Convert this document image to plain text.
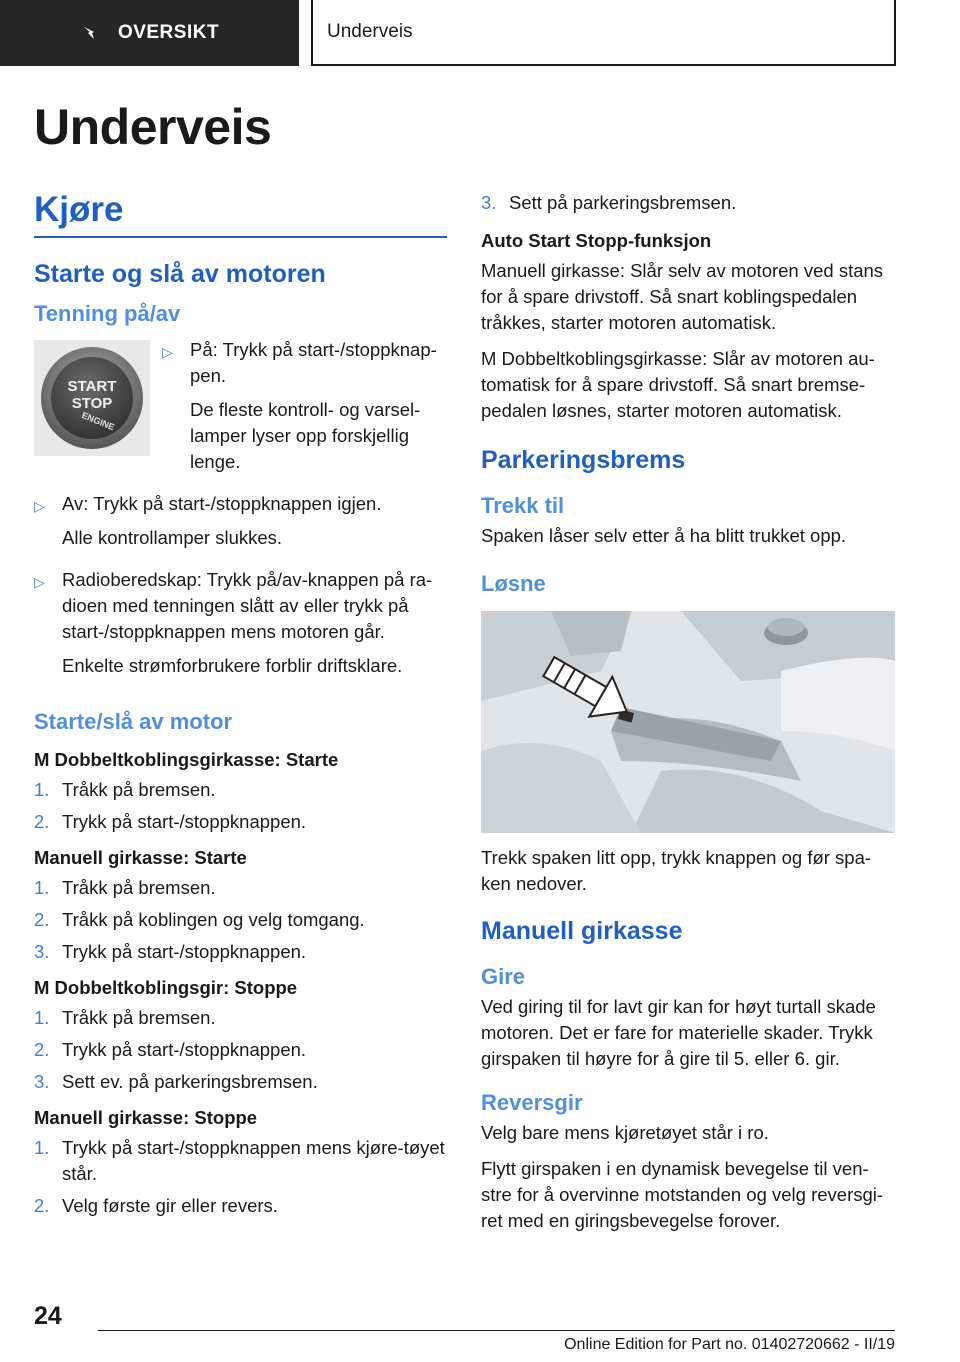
OVERSIKT	Underveis
Underveis
Kjøre
Starte og slå av motoren
Tenning på/av
START
STOP
ENGINE
▷ På: Trykk på start-/stoppknap-pen.

De fleste kontroll- og varsel-lamper lyser opp forskjellig lenge.

▷ Av: Trykk på start-/stoppknappen igjen.

Alle kontrollamper slukkes.

▷ Radioberedskap: Trykk på/av-knappen på ra-dioen med tenningen slått av eller trykk på start-/stoppknappen mens motoren går.

Enkelte strømforbrukere forblir driftsklare.

Starte/slå av motor
M Dobbeltkoblingsgirkasse: Starte
1. Tråkk på bremsen.
2. Trykk på start-/stoppknappen.
Manuell girkasse: Starte
1. Tråkk på bremsen.
2. Tråkk på koblingen og velg tomgang.
3. Trykk på start-/stoppknappen.
M Dobbeltkoblingsgir: Stoppe
1. Tråkk på bremsen.
2. Trykk på start-/stoppknappen.
3. Sett ev. på parkeringsbremsen.
Manuell girkasse: Stoppe
1. Trykk på start-/stoppknappen mens kjøre-tøyet står.
2. Velg første gir eller revers.
3. Sett på parkeringsbremsen.
Auto Start Stopp-funksjon

Manuell girkasse: Slår selv av motoren ved stans for å spare drivstoff. Så snart koblingspedalen tråkkes, starter motoren automatisk.

M Dobbeltkoblingsgirkasse: Slår av motoren au-tomatisk for å spare drivstoff. Så snart bremse-pedalen løsnes, starter motoren automatisk.

Parkeringsbrems
Trekk til

Spaken låser selv etter å ha blitt trukket opp.

Løsne

Trekk spaken litt opp, trykk knappen og før spa-ken nedover.

Manuell girkasse
Gire

Ved giring til for lavt gir kan for høyt turtall skade motoren. Det er fare for materielle skader. Trykk girspaken til høyre for å gire til 5. eller 6. gir.

Reversgir

Velg bare mens kjøretøyet står i ro.

Flytt girspaken i en dynamisk bevegelse til ven-stre for å overvinne motstanden og velg reversgi-ret med en giringsbevegelse forover.

24
Online Edition for Part no. 01402720662 - II/19
